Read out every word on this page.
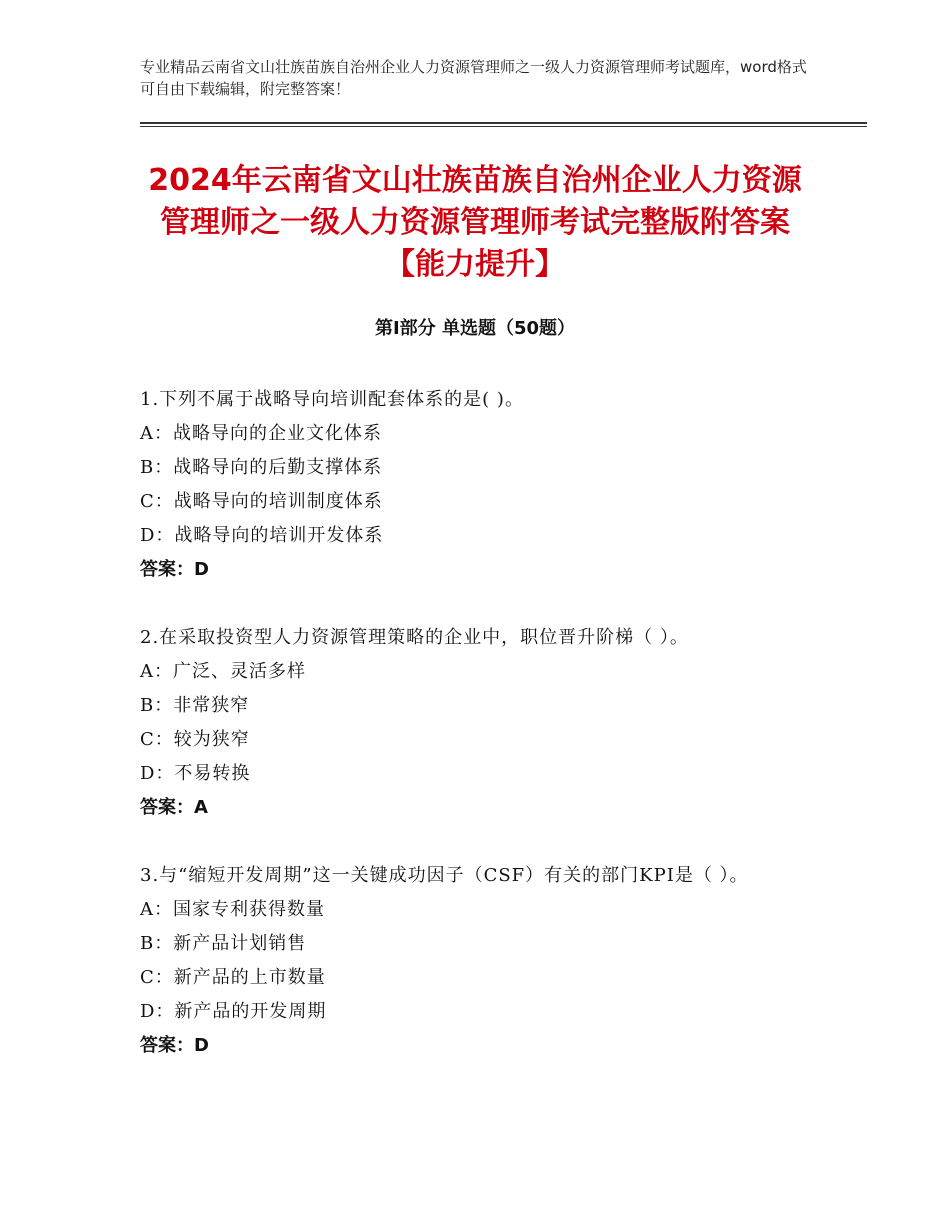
专业精品云南省文山壮族苗族自治州企业人力资源管理师之一级人力资源管理师考试题库，word格式可自由下载编辑，附完整答案！
2024年云南省文山壮族苗族自治州企业人力资源管理师之一级人力资源管理师考试完整版附答案【能力提升】
第Ⅰ部分 单选题（50题）
1.下列不属于战略导向培训配套体系的是( )。
A：战略导向的企业文化体系
B：战略导向的后勤支撑体系
C：战略导向的培训制度体系
D：战略导向的培训开发体系
答案：D
2.在采取投资型人力资源管理策略的企业中，职位晋升阶梯（ ）。
A：广泛、灵活多样
B：非常狭窄
C：较为狭窄
D：不易转换
答案：A
3.与“缩短开发周期”这一关键成功因子（CSF）有关的部门KPI是（ ）。
A：国家专利获得数量
B：新产品计划销售
C：新产品的上市数量
D：新产品的开发周期
答案：D
